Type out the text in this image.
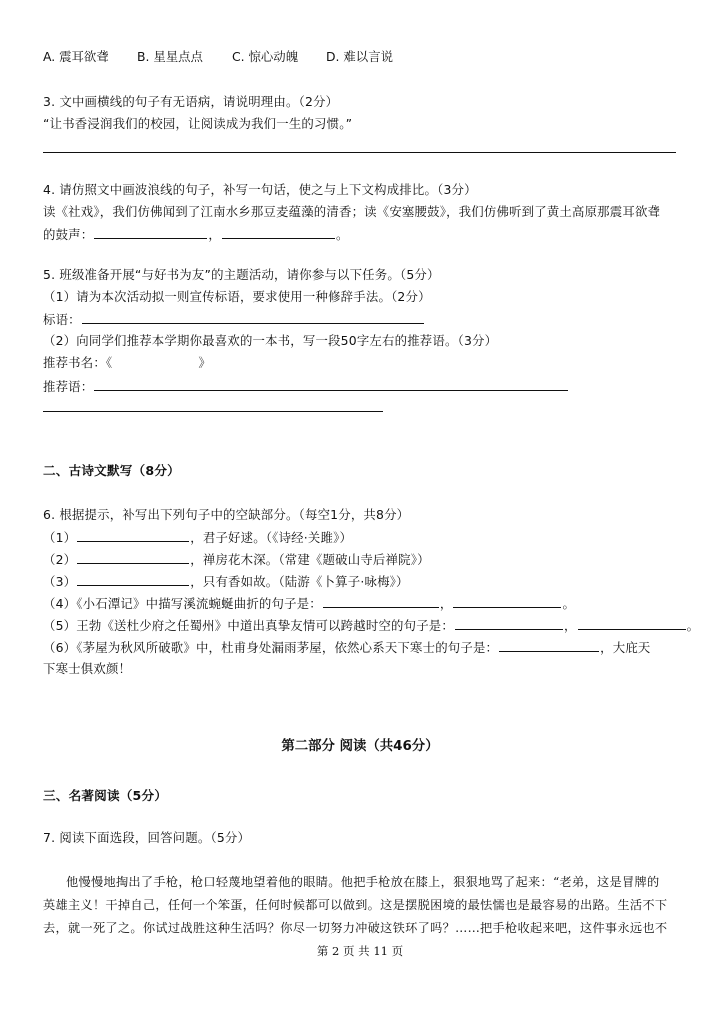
A. 震耳欲聋 B. 星星点点 C. 惊心动魄 D. 难以言说
3. 文中画横线的句子有无语病，请说明理由。（2分）
“让书香浸润我们的校园，让阅读成为我们一生的习惯。”
4. 请仿照文中画波浪线的句子，补写一句话，使之与上下文构成排比。（3分）
读《社戏》，我们仿佛闻到了江南水乡那豆麦蕴藻的清香；读《安塞腰鼓》，我们仿佛听到了黄土高原那震耳欲聋
的鼓声：	，	。
5. 班级准备开展“与好书为友”的主题活动，请你参与以下任务。（5分）
（1）请为本次活动拟一则宣传标语，要求使用一种修辞手法。（2分）
标语：
（2）向同学们推荐本学期你最喜欢的一本书，写一段50字左右的推荐语。（3分）
推荐书名：《	》
推荐语：
二、古诗文默写（8分）
6. 根据提示，补写出下列句子中的空缺部分。（每空1分，共8分）
（1）	，君子好逑。（《诗经·关雎》）
（2）	，禅房花木深。（常建《题破山寺后禅院》）
（3）	，只有香如故。（陆游《卜算子·咏梅》）
（4）《小石潭记》中描写溪流蜿蜒曲折的句子是：	，	。
（5）王勃《送杜少府之任蜀州》中道出真挚友情可以跨越时空的句子是：	，	。
（6）《茅屋为秋风所破歌》中，杜甫身处漏雨茅屋，依然心系天下寒士的句子是：	，大庇天
下寒士俱欢颜！
第二部分 阅读（共46分）
三、名著阅读（5分）
7. 阅读下面选段，回答问题。（5分）
他慢慢地掏出了手枪，枪口轻蔑地望着他的眼睛。他把手枪放在膝上，狠狠地骂了起来：“老弟，这是冒牌的
英雄主义！干掉自己，任何一个笨蛋，任何时候都可以做到。这是摆脱困境的最怯懦也是最容易的出路。生活不下
去，就一死了之。你试过战胜这种生活吗？你尽一切努力冲破这铁环了吗？……把手枪收起来吧，这件事永远也不
第 2 页 共 11 页
